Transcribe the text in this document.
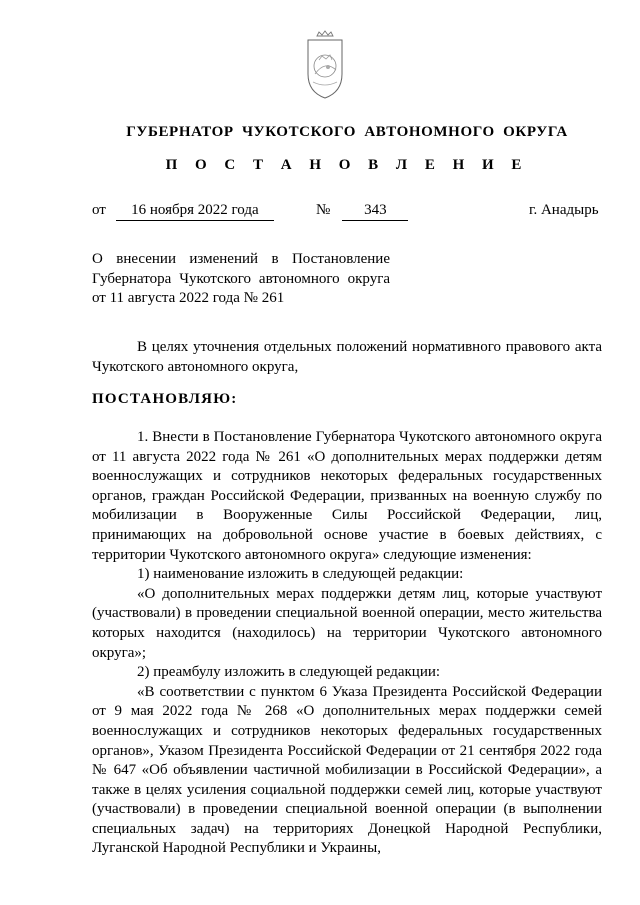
ГУБЕРНАТОР ЧУКОТСКОГО АВТОНОМНОГО ОКРУГА
П О С Т А Н О В Л Е Н И Е
от 16 ноября 2022 года	№ 343	г. Анадырь
О внесении изменений в Постановление
Губернатора Чукотского автономного округа
от 11 августа 2022 года № 261

В целях уточнения отдельных положений нормативного правового акта Чукотского автономного округа,

ПОСТАНОВЛЯЮ:

1. Внести в Постановление Губернатора Чукотского автономного округа от 11 августа 2022 года № 261 «О дополнительных мерах поддержки детям военнослужащих и сотрудников некоторых федеральных государственных органов, граждан Российской Федерации, призванных на военную службу по мобилизации в Вооруженные Силы Российской Федерации, лиц, принимающих на добровольной основе участие в боевых действиях, с территории Чукотского автономного округа» следующие изменения:

1) наименование изложить в следующей редакции:

«О дополнительных мерах поддержки детям лиц, которые участвуют (участвовали) в проведении специальной военной операции, место жительства которых находится (находилось) на территории Чукотского автономного округа»;

2) преамбулу изложить в следующей редакции:

«В соответствии с пунктом 6 Указа Президента Российской Федерации от 9 мая 2022 года № 268 «О дополнительных мерах поддержки семей военнослужащих и сотрудников некоторых федеральных государственных органов», Указом Президента Российской Федерации от 21 сентября 2022 года № 647 «Об объявлении частичной мобилизации в Российской Федерации», а также в целях усиления социальной поддержки семей лиц, которые участвуют (участвовали) в проведении специальной военной операции (в выполнении специальных задач) на территориях Донецкой Народной Республики, Луганской Народной Республики и Украины,
